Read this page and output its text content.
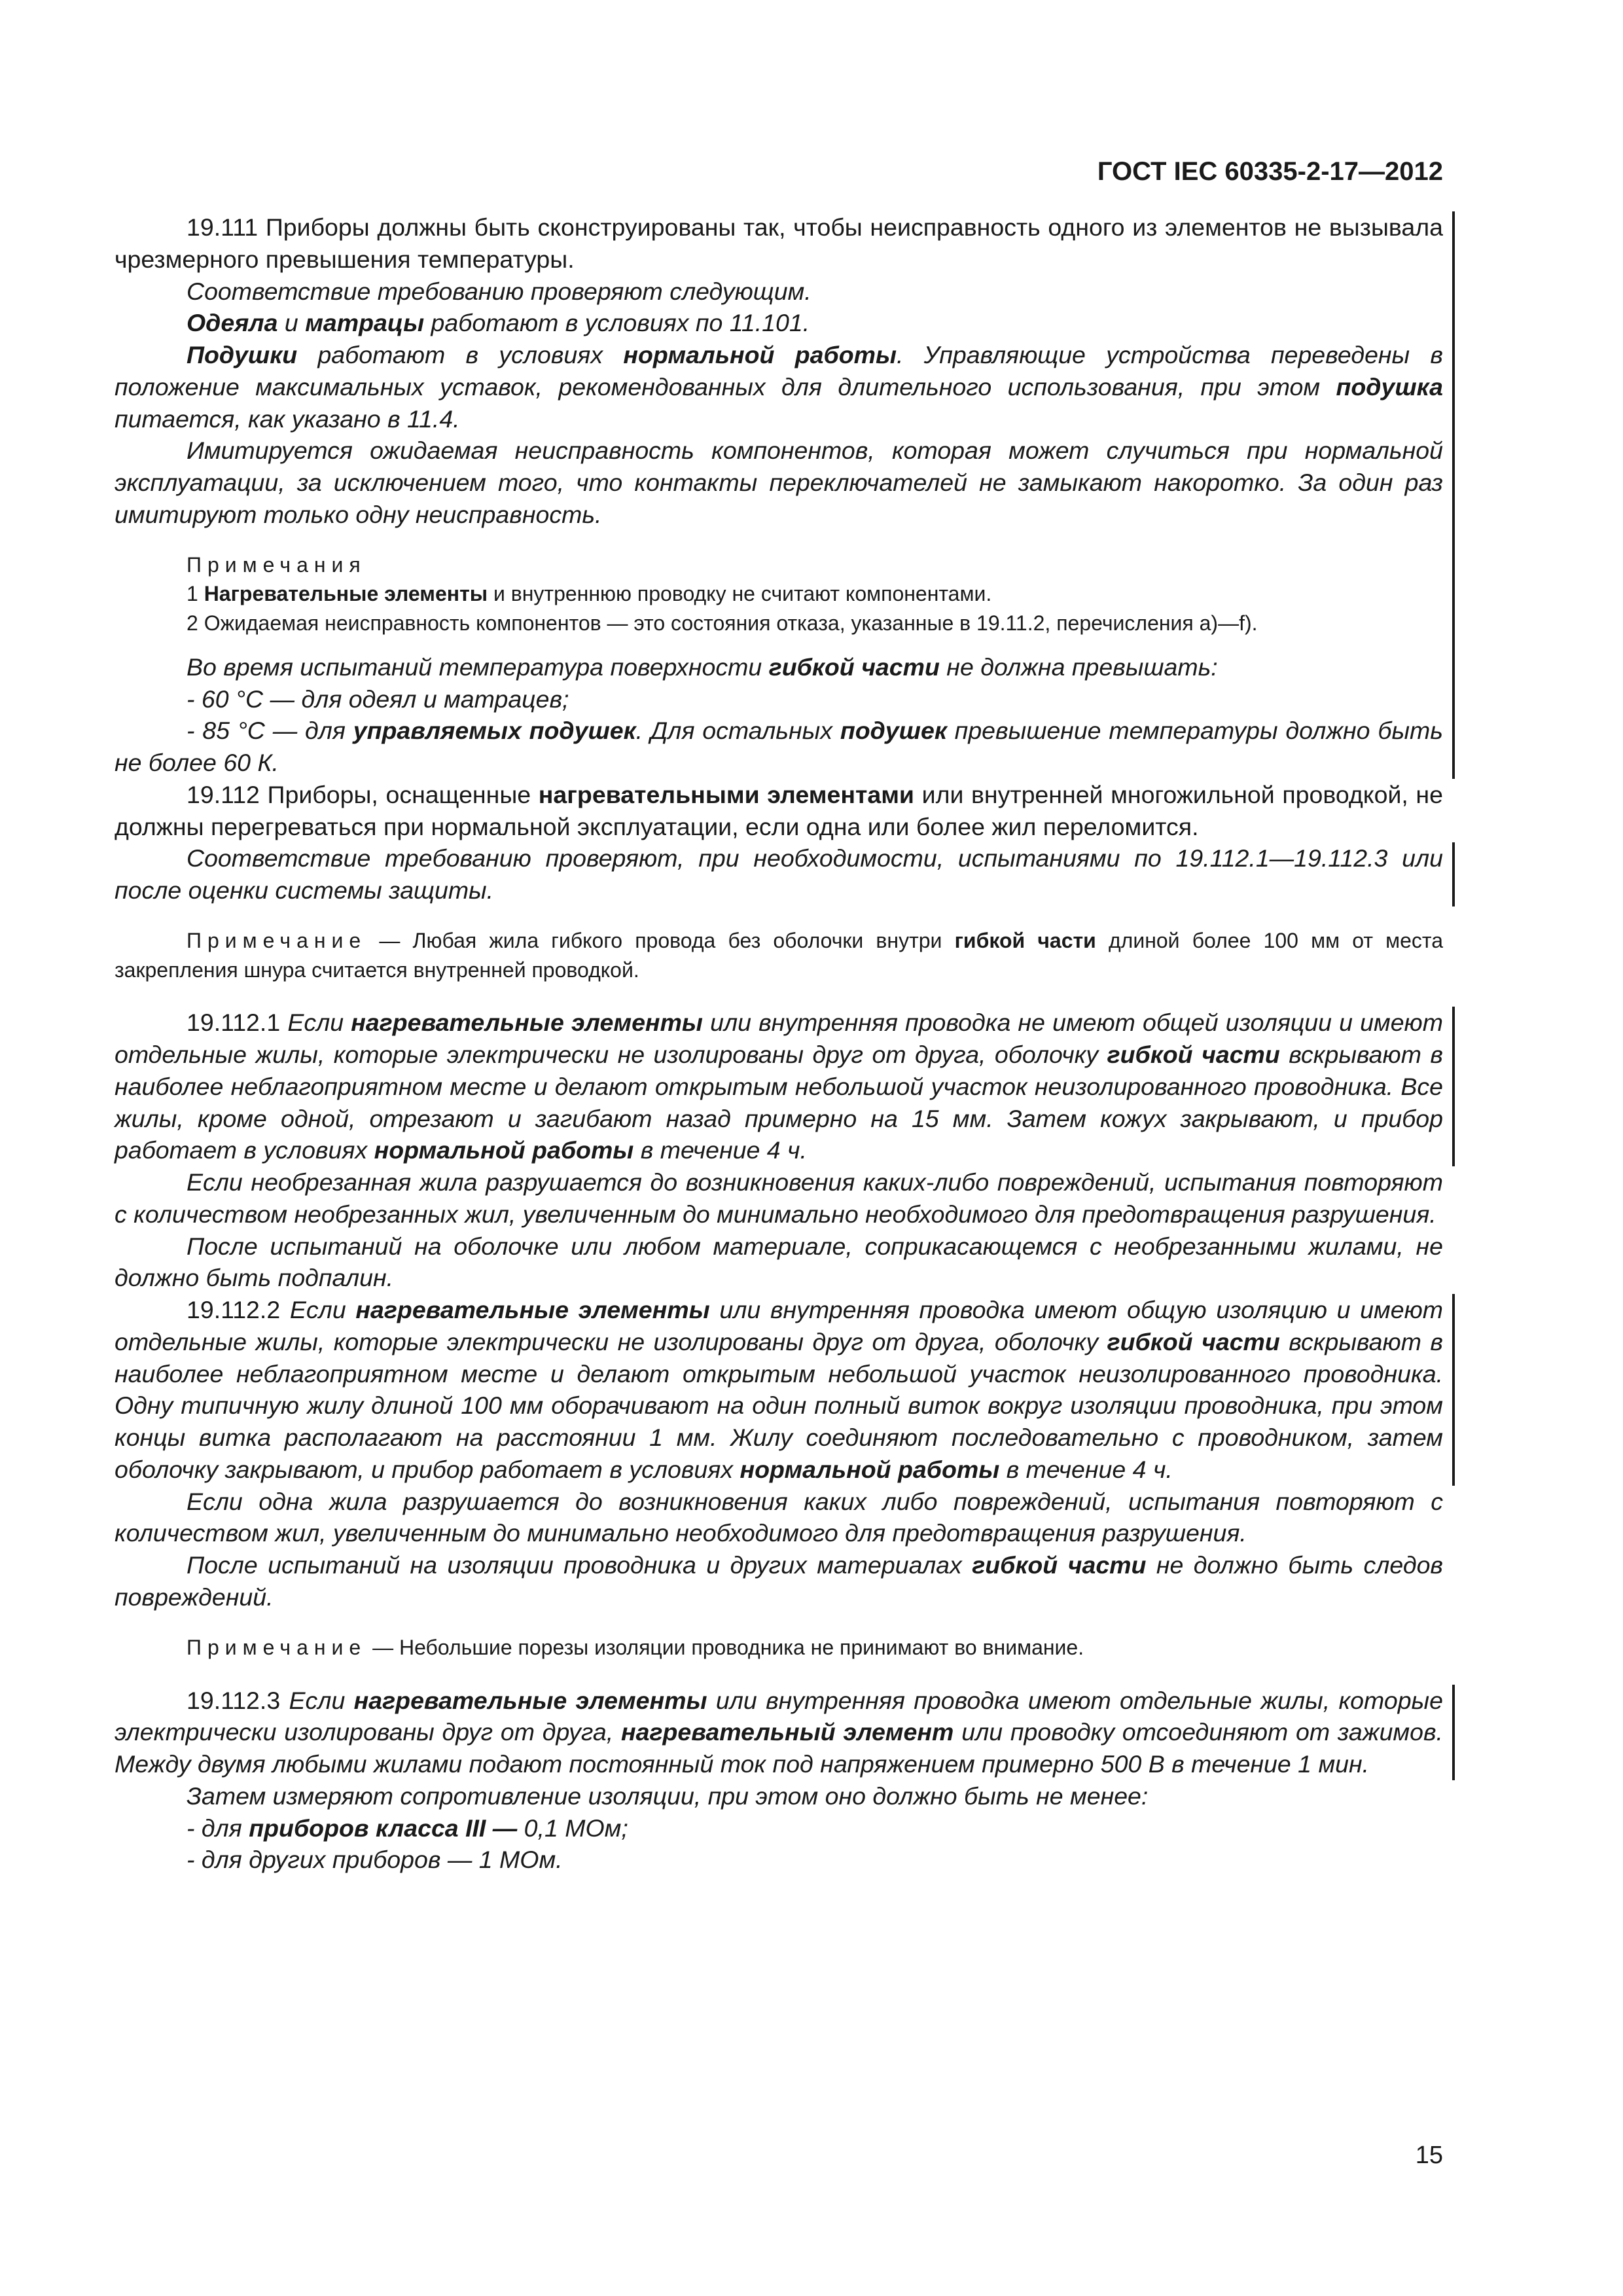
ГОСТ IEC 60335-2-17—2012

19.111 Приборы должны быть сконструированы так, чтобы неисправность одного из элементов не вызывала чрезмерного превышения температуры.

Соответствие требованию проверяют следующим.

Одеяла и матрацы работают в условиях по 11.101.

Подушки работают в условиях нормальной работы. Управляющие устройства переведены в положение максимальных уставок, рекомендованных для длительного использования, при этом подушка питается, как указано в 11.4.

Имитируется ожидаемая неисправность компонентов, которая может случиться при нормальной эксплуатации, за исключением того, что контакты переключателей не замыкают накоротко. За один раз имитируют только одну неисправность.

Примечания

1 Нагревательные элементы и внутреннюю проводку не считают компонентами.

2 Ожидаемая неисправность компонентов — это состояния отказа, указанные в 19.11.2, перечисления a)—f).

Во время испытаний температура поверхности гибкой части не должна превышать:

- 60 °C — для одеял и матрацев;

- 85 °C — для управляемых подушек. Для остальных подушек превышение температуры должно быть не более 60 К.

19.112 Приборы, оснащенные нагревательными элементами или внутренней многожильной проводкой, не должны перегреваться при нормальной эксплуатации, если одна или более жил переломится.

Соответствие требованию проверяют, при необходимости, испытаниями по 19.112.1—19.112.3 или после оценки системы защиты.

Примечание — Любая жила гибкого провода без оболочки внутри гибкой части длиной более 100 мм от места закрепления шнура считается внутренней проводкой.

19.112.1 Если нагревательные элементы или внутренняя проводка не имеют общей изоляции и имеют отдельные жилы, которые электрически не изолированы друг от друга, оболочку гибкой части вскрывают в наиболее неблагоприятном месте и делают открытым небольшой участок неизолированного проводника. Все жилы, кроме одной, отрезают и загибают назад примерно на 15 мм. Затем кожух закрывают, и прибор работает в условиях нормальной работы в течение 4 ч.

Если необрезанная жила разрушается до возникновения каких-либо повреждений, испытания повторяют с количеством необрезанных жил, увеличенным до минимально необходимого для предотвращения разрушения.

После испытаний на оболочке или любом материале, соприкасающемся с необрезанными жилами, не должно быть подпалин.

19.112.2 Если нагревательные элементы или внутренняя проводка имеют общую изоляцию и имеют отдельные жилы, которые электрически не изолированы друг от друга, оболочку гибкой части вскрывают в наиболее неблагоприятном месте и делают открытым небольшой участок неизолированного проводника. Одну типичную жилу длиной 100 мм оборачивают на один полный виток вокруг изоляции проводника, при этом концы витка располагают на расстоянии 1 мм. Жилу соединяют последовательно с проводником, затем оболочку закрывают, и прибор работает в условиях нормальной работы в течение 4 ч.

Если одна жила разрушается до возникновения каких либо повреждений, испытания повторяют с количеством жил, увеличенным до минимально необходимого для предотвращения разрушения.

После испытаний на изоляции проводника и других материалах гибкой части не должно быть следов повреждений.

Примечание — Небольшие порезы изоляции проводника не принимают во внимание.

19.112.3 Если нагревательные элементы или внутренняя проводка имеют отдельные жилы, которые электрически изолированы друг от друга, нагревательный элемент или проводку отсоединяют от зажимов. Между двумя любыми жилами подают постоянный ток под напряжением примерно 500 В в течение 1 мин.

Затем измеряют сопротивление изоляции, при этом оно должно быть не менее:

- для приборов класса III — 0,1 МОм;

- для других приборов — 1 МОм.

15
